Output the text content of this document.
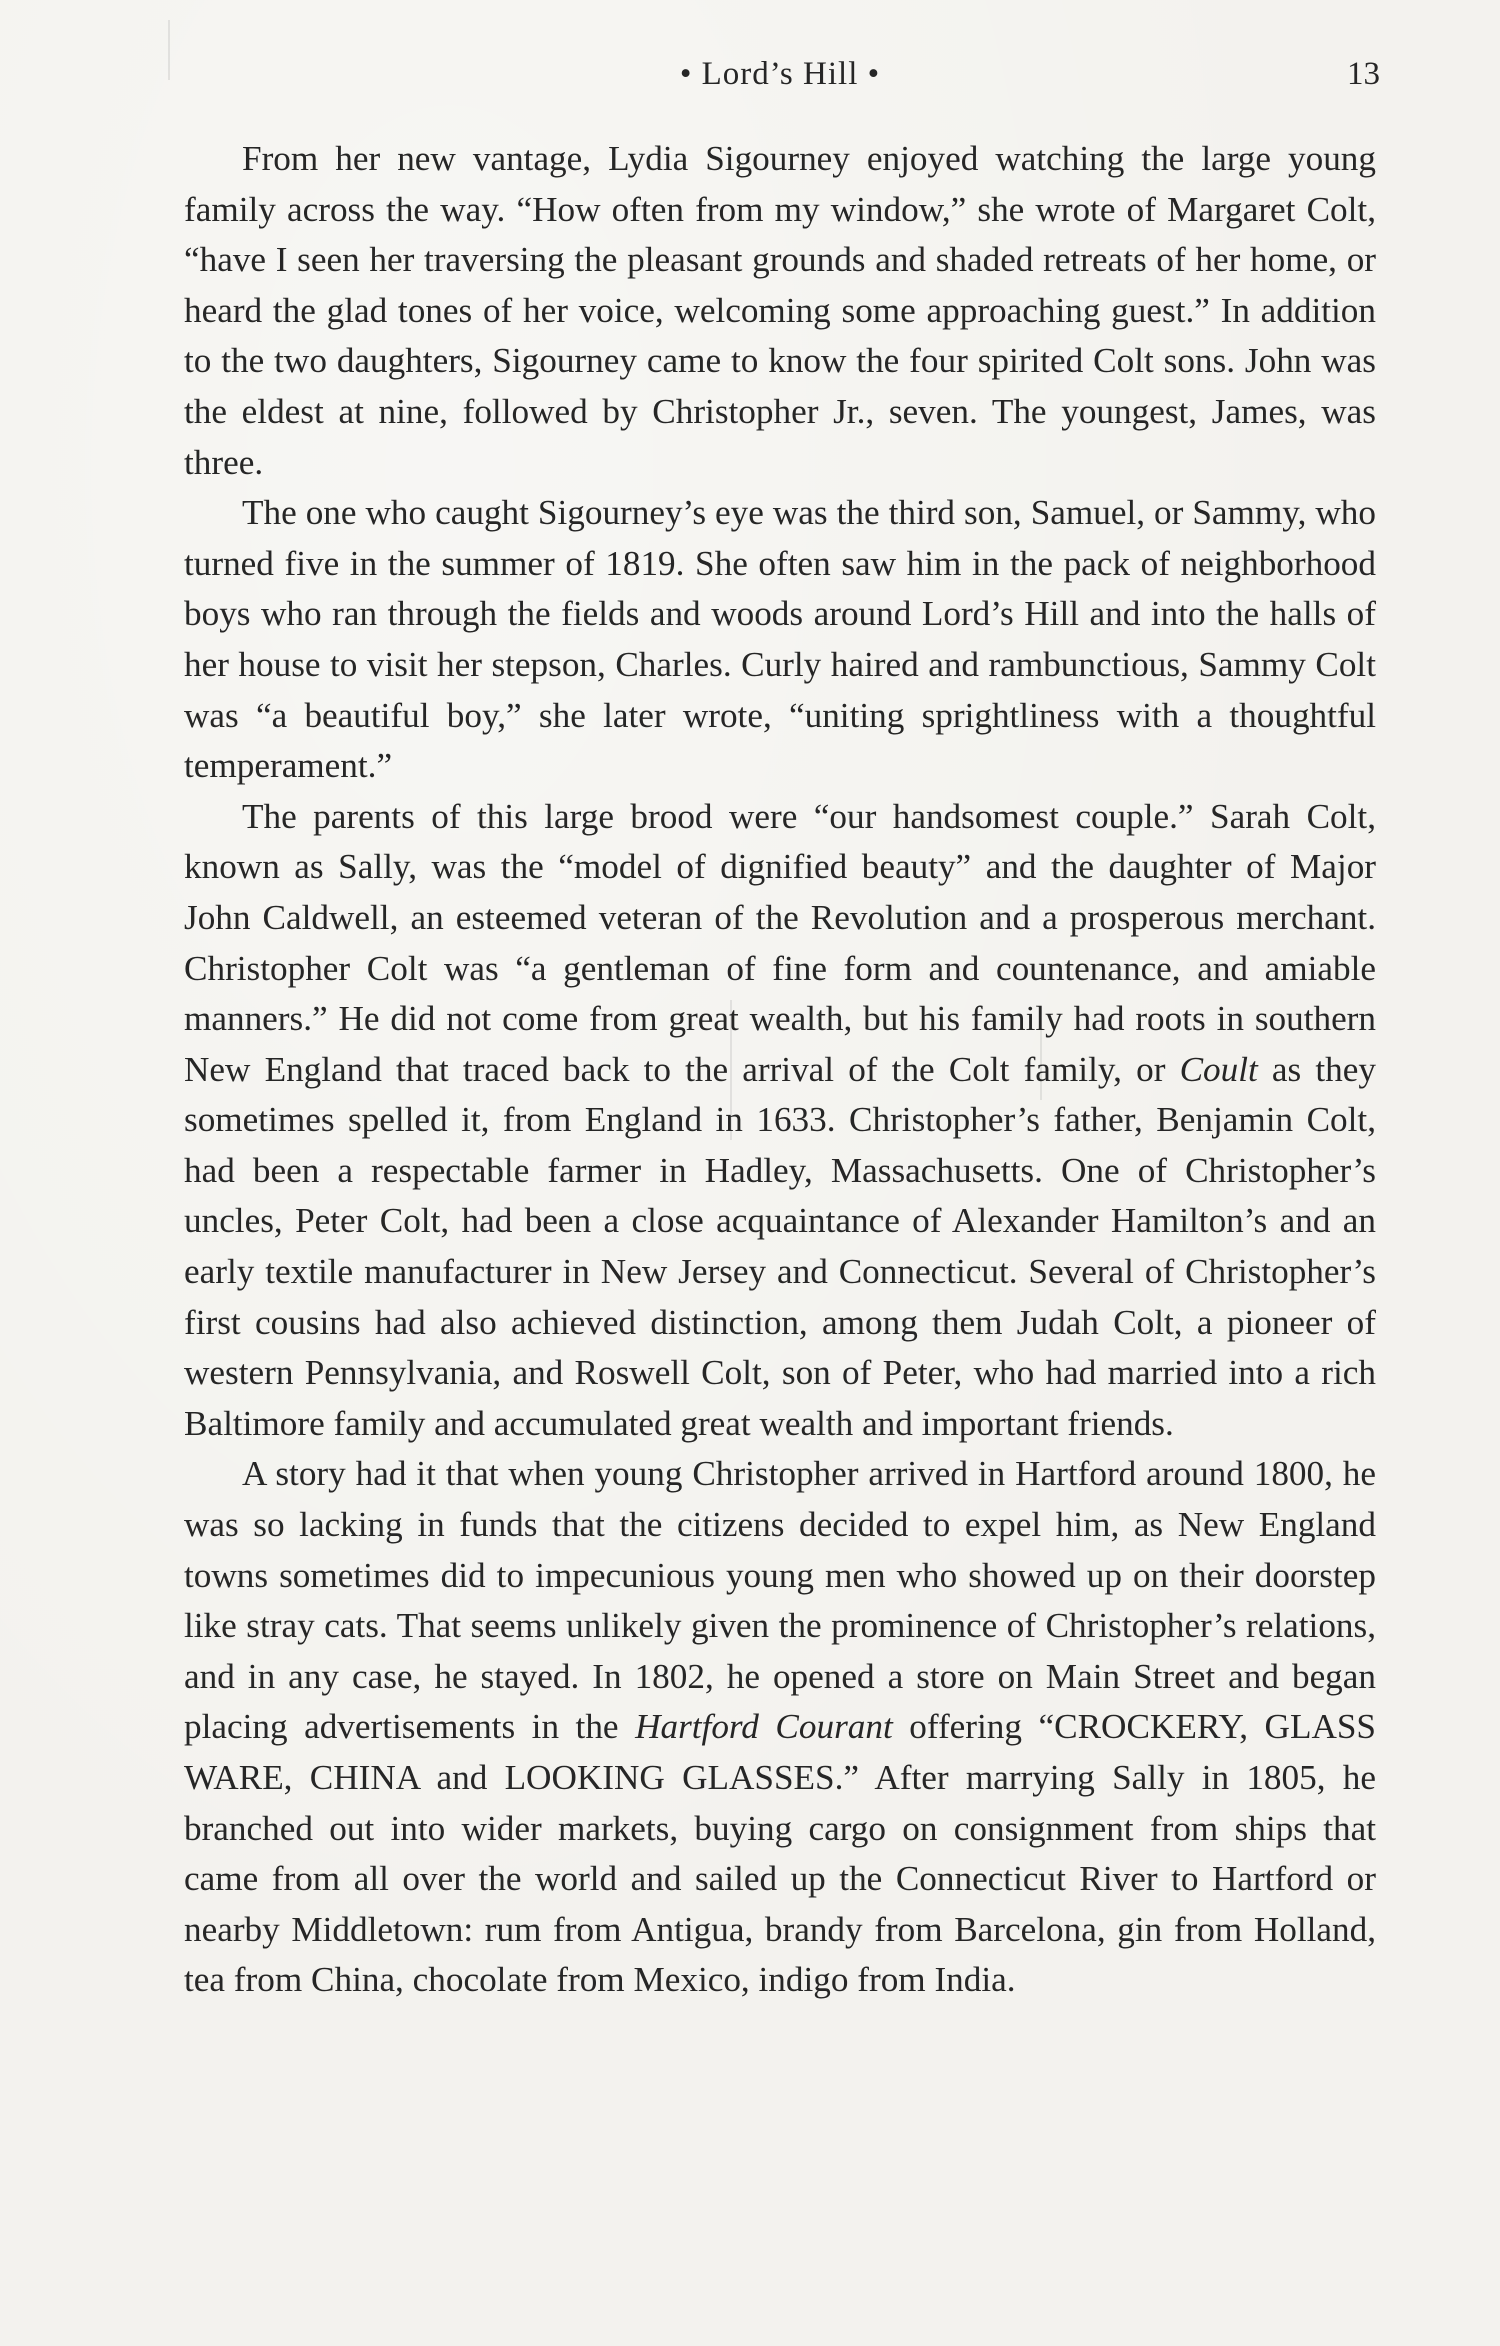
• Lord’s Hill •	13

From her new vantage, Lydia Sigourney enjoyed watching the large young family across the way. “How often from my window,” she wrote of Margaret Colt, “have I seen her traversing the pleasant grounds and shaded retreats of her home, or heard the glad tones of her voice, welcoming some approaching guest.” In addition to the two daughters, Sigourney came to know the four spirited Colt sons. John was the eldest at nine, followed by Christopher Jr., seven. The youngest, James, was three.

The one who caught Sigourney’s eye was the third son, Samuel, or Sammy, who turned five in the summer of 1819. She often saw him in the pack of neighborhood boys who ran through the fields and woods around Lord’s Hill and into the halls of her house to visit her stepson, Charles. Curly haired and rambunctious, Sammy Colt was “a beautiful boy,” she later wrote, “uniting sprightliness with a thoughtful temperament.”

The parents of this large brood were “our handsomest couple.” Sarah Colt, known as Sally, was the “model of dignified beauty” and the daughter of Major John Caldwell, an esteemed veteran of the Revolution and a prosperous merchant. Christopher Colt was “a gentleman of fine form and countenance, and amiable manners.” He did not come from great wealth, but his family had roots in southern New England that traced back to the arrival of the Colt family, or Coult as they sometimes spelled it, from England in 1633. Christopher’s father, Benjamin Colt, had been a respectable farmer in Hadley, Massachusetts. One of Christopher’s uncles, Peter Colt, had been a close acquaintance of Alexander Hamilton’s and an early textile manufacturer in New Jersey and Connecticut. Several of Christopher’s first cousins had also achieved distinction, among them Judah Colt, a pioneer of western Pennsylvania, and Roswell Colt, son of Peter, who had married into a rich Baltimore family and accumulated great wealth and important friends.

A story had it that when young Christopher arrived in Hartford around 1800, he was so lacking in funds that the citizens decided to expel him, as New England towns sometimes did to impecunious young men who showed up on their doorstep like stray cats. That seems unlikely given the prominence of Christopher’s relations, and in any case, he stayed. In 1802, he opened a store on Main Street and began placing advertisements in the Hartford Courant offering “CROCKERY, GLASS WARE, CHINA and LOOKING GLASSES.” After marrying Sally in 1805, he branched out into wider markets, buying cargo on consignment from ships that came from all over the world and sailed up the Connecticut River to Hartford or nearby Middletown: rum from Antigua, brandy from Barcelona, gin from Holland, tea from China, chocolate from Mexico, indigo from India.
